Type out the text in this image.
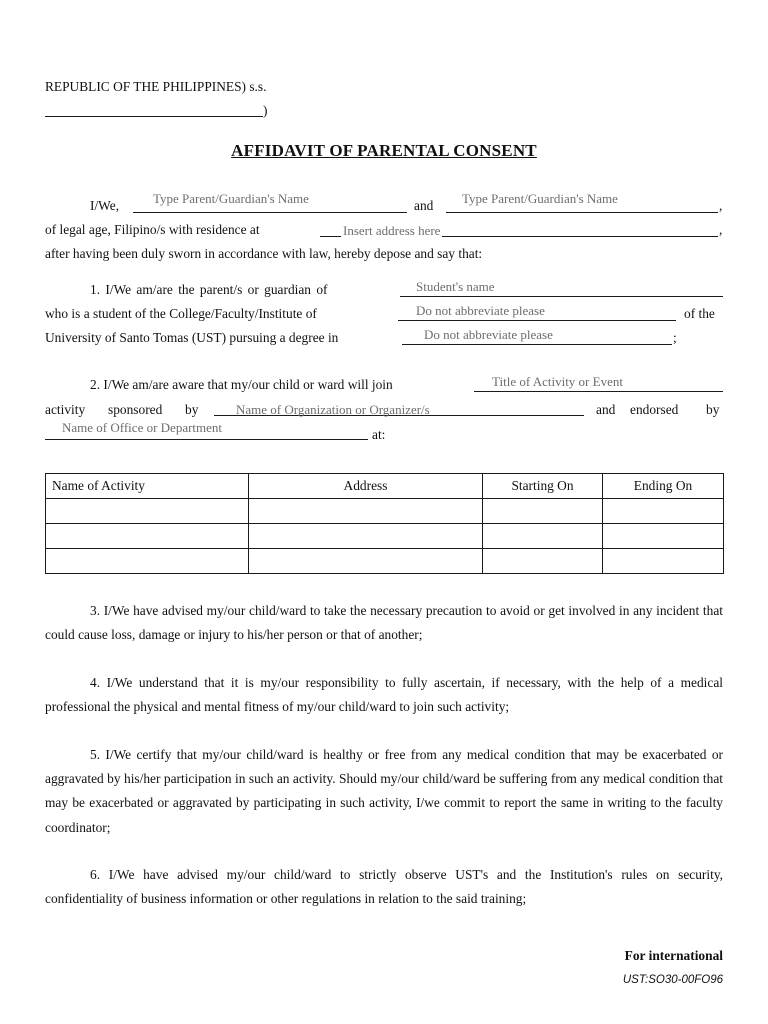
REPUBLIC OF THE PHILIPPINES) s.s.
)
AFFIDAVIT OF PARENTAL CONSENT
I/We,	Type Parent/Guardian's Name	and Type Parent/Guardian's Name	,
of legal age, Filipino/s with residence at	Insert address here	,
after having been duly sworn in accordance with law, hereby depose and say that:
1. I/We am/are the parent/s or guardian of	Student's name
who is a student of the College/Faculty/Institute of	Do not abbreviate please	of the
University of Santo Tomas (UST) pursuing a degree in	Do not abbreviate please	;
2. I/We am/are aware that my/our child or ward will join	Title of Activity or Event
activity sponsored by	Name of Organization or Organizer/s	and endorsed by
Name of Office or Department	at:
Name of Activity	Address	Starting On	Ending On

3. I/We have advised my/our child/ward to take the necessary precaution to avoid or get involved in any incident that could cause loss, damage or injury to his/her person or that of another;
4. I/We understand that it is my/our responsibility to fully ascertain, if necessary, with the help of a medical professional the physical and mental fitness of my/our child/ward to join such activity;
5. I/We certify that my/our child/ward is healthy or free from any medical condition that may be exacerbated or aggravated by his/her participation in such an activity. Should my/our child/ward be suffering from any medical condition that may be exacerbated or aggravated by participating in such activity, I/we commit to report the same in writing to the faculty coordinator;
6. I/We have advised my/our child/ward to strictly observe UST's and the Institution's rules on security, confidentiality of business information or other regulations in relation to the said training;
For international
UST:SO30-00FO96
